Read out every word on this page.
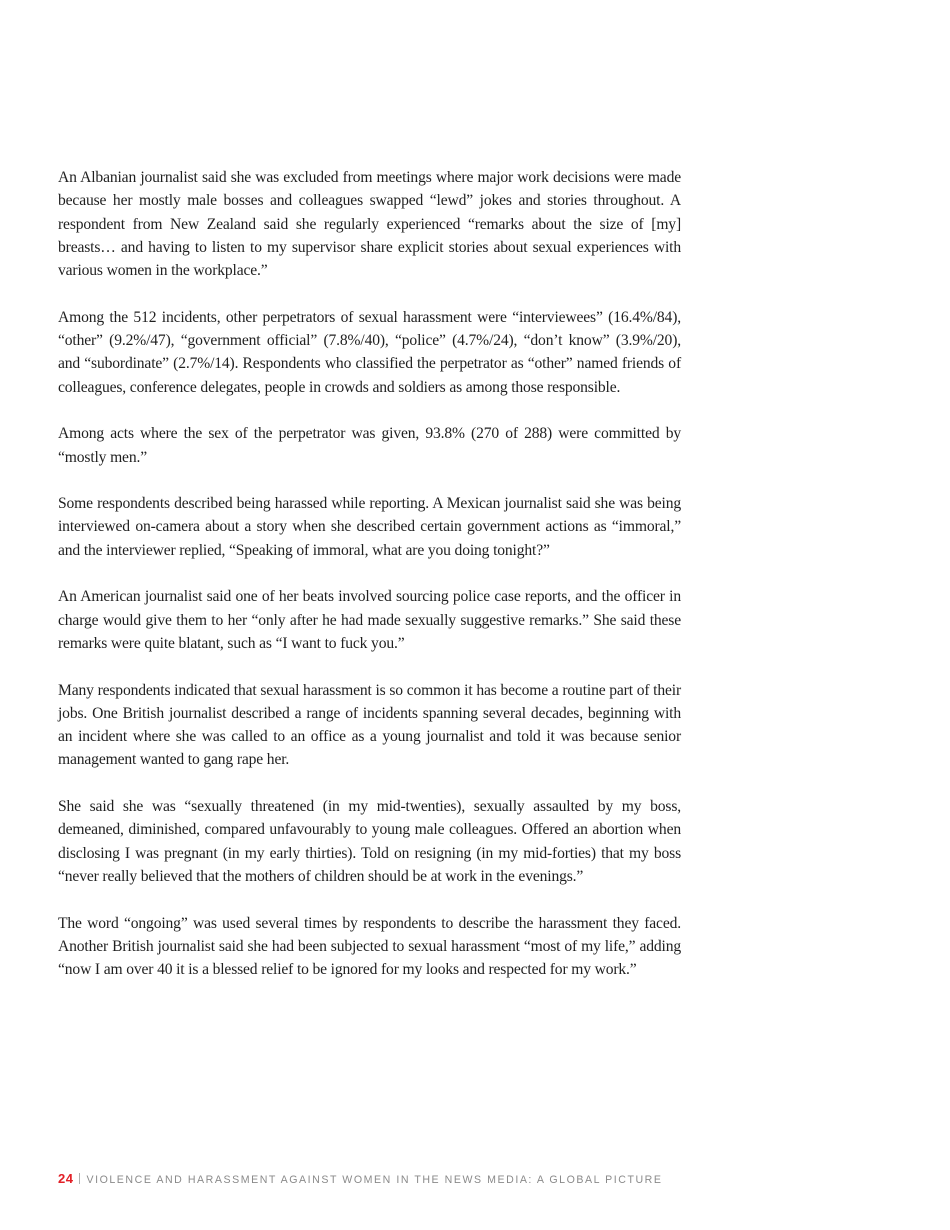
An Albanian journalist said she was excluded from meetings where major work decisions were made because her mostly male bosses and colleagues swapped “lewd” jokes and stories throughout. A respondent from New Zealand said she regularly experienced “remarks about the size of [my] breasts… and having to listen to my supervisor share explicit stories about sexual experiences with various women in the workplace.”

Among the 512 incidents, other perpetrators of sexual harassment were “interviewees” (16.4%/84), “other” (9.2%/47), “government official” (7.8%/40), “police” (4.7%/24), “don’t know” (3.9%/20), and “subordinate” (2.7%/14). Respondents who classified the perpetrator as “other” named friends of colleagues, conference delegates, people in crowds and soldiers as among those responsible.

Among acts where the sex of the perpetrator was given, 93.8% (270 of 288) were committed by “mostly men.”

Some respondents described being harassed while reporting. A Mexican journalist said she was being interviewed on-camera about a story when she described certain government actions as “immoral,” and the interviewer replied, “Speaking of immoral, what are you doing tonight?”

An American journalist said one of her beats involved sourcing police case reports, and the officer in charge would give them to her “only after he had made sexually suggestive remarks.” She said these remarks were quite blatant, such as “I want to fuck you.”

Many respondents indicated that sexual harassment is so common it has become a routine part of their jobs. One British journalist described a range of incidents spanning several decades, beginning with an incident where she was called to an office as a young journalist and told it was because senior management wanted to gang rape her.

She said she was “sexually threatened (in my mid-twenties), sexually assaulted by my boss, demeaned, diminished, compared unfavourably to young male colleagues. Offered an abortion when disclosing I was pregnant (in my early thirties). Told on resigning (in my mid-forties) that my boss “never really believed that the mothers of children should be at work in the evenings.”

The word “ongoing” was used several times by respondents to describe the harassment they faced. Another British journalist said she had been subjected to sexual harassment “most of my life,” adding “now I am over 40 it is a blessed relief to be ignored for my looks and respected for my work.”

24 VIOLENCE AND HARASSMENT AGAINST WOMEN IN THE NEWS MEDIA: A GLOBAL PICTURE
